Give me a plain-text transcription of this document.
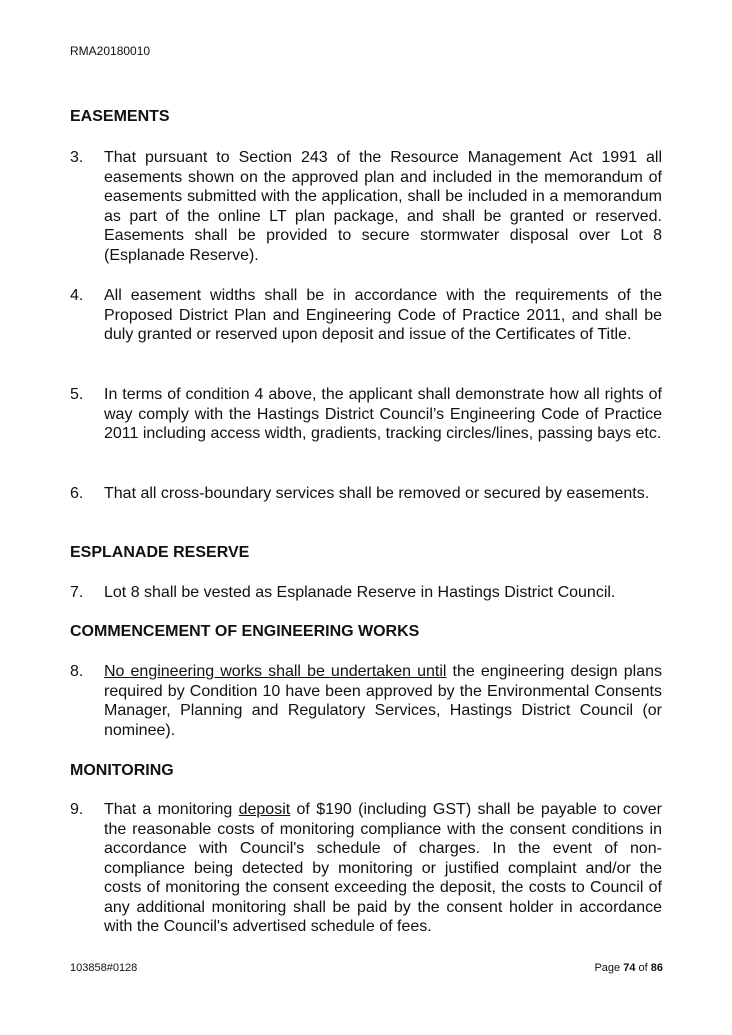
RMA20180010
EASEMENTS
3.	That pursuant to Section 243 of the Resource Management Act 1991 all easements shown on the approved plan and included in the memorandum of easements submitted with the application, shall be included in a memorandum as part of the online LT plan package, and shall be granted or reserved. Easements shall be provided to secure stormwater disposal over Lot 8 (Esplanade Reserve).
4.	All easement widths shall be in accordance with the requirements of the Proposed District Plan and Engineering Code of Practice 2011, and shall be duly granted or reserved upon deposit and issue of the Certificates of Title.
5.	In terms of condition 4 above, the applicant shall demonstrate how all rights of way comply with the Hastings District Council’s Engineering Code of Practice 2011 including access width, gradients, tracking circles/lines, passing bays etc.
6.	That all cross-boundary services shall be removed or secured by easements.
ESPLANADE RESERVE
7.	Lot 8 shall be vested as Esplanade Reserve in Hastings District Council.
COMMENCEMENT OF ENGINEERING WORKS
8.	No engineering works shall be undertaken until the engineering design plans required by Condition 10 have been approved by the Environmental Consents Manager, Planning and Regulatory Services, Hastings District Council (or nominee).
MONITORING
9.	That a monitoring deposit of $190 (including GST) shall be payable to cover the reasonable costs of monitoring compliance with the consent conditions in accordance with Council's schedule of charges. In the event of non-compliance being detected by monitoring or justified complaint and/or the costs of monitoring the consent exceeding the deposit, the costs to Council of any additional monitoring shall be paid by the consent holder in accordance with the Council's advertised schedule of fees.
103858#0128	Page 74 of 86
